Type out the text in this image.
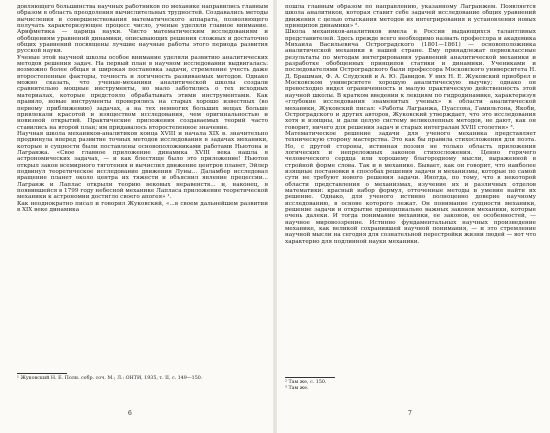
довляющего большинства научных работников по механике направились главным образом в область преодоления вычислительных трудностей. Создавались методы вычисления и совершенствования математического аппарата, позволяющего получать характеризующее процесс число, ученые уделяли главное внимание. Арифметика — царица науки. Чисто математическим исследованиям и обобщениям уравнений динамики, описывающих решения сложных и достаточно общих уравнений посвящены лучшие научные работы этого периода развития русской науки.
Ученые этой научной школы особое внимание уделяли развитию аналитических методов решения задач. На первый план в научном исследовании выдвигалась: возможно более общая и широкая постановка задачи, стремление учесть даже второстепенные факторы, точность и логичность развиваемых методов. Однако можно сказать, что ученые-механики аналитической школы создали сравнительно мощные инструменты, но мало заботились о тех исходных материалах, которые предстояло обрабатывать этими инструментами. Как правило, новые инструменты проверялись на старых хорошо известных (во первому приближению) задачах, а на тех немногих больших вещах больше привлекали красотой и изяществом исследования, чем оригинальностью и новизной открытий. Практические приложения создаваемых теорий часто ставились на второй план; им придавалось второстепенное значение.
Научная школа механиков-аналитиков конца XVIII и начала XIX в. значительно продвинула вперед развитие точных методов исследования в задачах механики, которые в сущности были поставлены основоположниками работами Ньютона и Лагранжа. «Свое главное приложение динамика XVIII века нашла в астрономических задачах, — и как блестяще было это приложение! Ньютон открыл закон всемирного тяготения и вычислил движение центров планет, Эйлер подвинул теоретическое исследование движения Луны... Даламбер исследовал вращение планет около центра их тяжести и объяснил явление прецессии... Лагранж и Лаплас открыли теорию вековых неравенств... и, наконец, в появившейся в 1799 году небесной механике Лапласа приложение теоретической механики к астрономии достигло своего апогея» ¹.
Как неоднократно писал и говорил Жуковский, «...в своем дальнейшем развитии в XIX веке динамика

¹ Жуковский Н. Е. Полн. собр. соч. М.; Л.: ОНТИ, 1935, т. II, с. 149—150.

6

пошла главным образом по направлению, указанному Лагранжем. Появляется школа аналитиков, которая ставит себе задачей исследование общих уравнений движения с целью отыскания методов их интегрирования и установления новых принципов динамики» ².
Школа механиков-аналитиков имела в России выдающихся талантливых представителей. Здесь прежде всего необходимо назвать профессора и академика Михаила Васильевича Остроградского (1801—1861) — основоположника аналитической механики в нашей стране. Ему принадлежат первоклассные результаты по методам интегрирования уравнений аналитической механики и разработке обобщенных принципов статики и динамики. Учениками и последователями Остроградского были профессора Московского университета Н. Д. Брашман, Ф. А. Слудский и А. Ю. Давидов. У них Н. Е. Жуковский приобрел в Московском университете хорошую аналитическую выучку; однако он превосходно видел ограниченность и малую практическую действенность этой научной школы. В кратком введении к лекциям по гидродинамике, характеризуя «глубокие исследования знаменитых ученых» в области аналитической механики, Жуковский писал: «Работы Лагранжа, Пуассона, Гамильтона, Якоби, Остроградского и других авторов, Жуковский утверждает, что это исследования хотя и изящны, и дали целую систему великолепных методов, не дают, как он говорит, ничего для решения задач и старых интегралам XVIII столетия» ³.
Математическое решение задачи для ученого механика представляет техническую сторону мастерства. Это как бы правила стихосложения для поэта. Но, с другой стороны, истинная поэзия не только область приложения логических и непреложных законов стихосложения. Ценно горячего человеческого сердца или хорошему благородному мысли, выраженной в стройной форме слова. Так и в механике. Бывает, как он говорит, что наиболее изящные постановки в способах решения задачи и механизмы, которые по самой сути не требуют нового решения задачи. Иногда, по тому, что в некоторой области представления о механизмах, изучение их и различных отделов математики: красный набор формул, отточенные методы и умение найти их решение. Однако, для ученого истинно полноценно доверие научному исследованию, в основе которого лежат. Он понимание сущности механики, решение задачи и открытие принципиально важных законов механики, которые очень далеки. И тогда понимание механики, ее законов, ее особенностей, — научное мировоззрение. Истинно фундаментальных научных произведение механике, как великой сохранившей научной понимания, — и это стремление научной мысли на сегодня для сознательной перестройки жизни людей — вот что характерно для подлинной науки механики.

² Там же, с. 150.
³ Там же.

7
